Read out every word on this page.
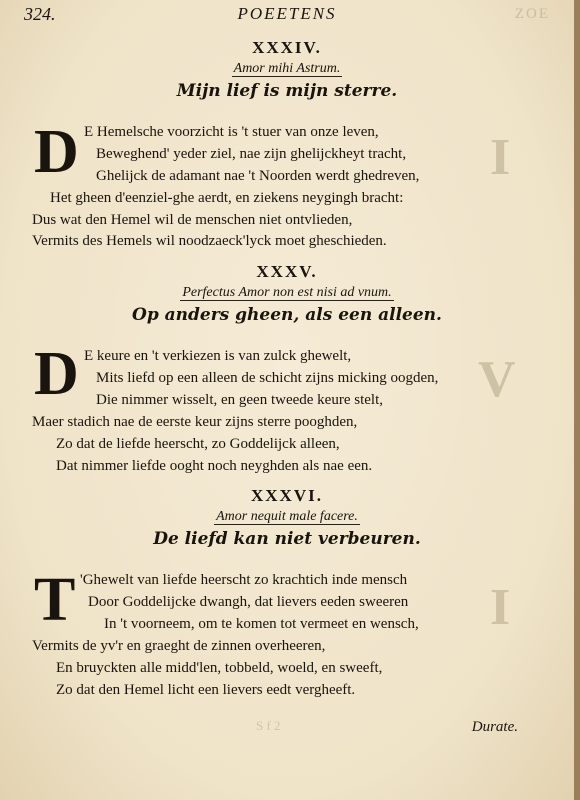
324.	POEETENS	ZOE
I
V
I
XXXIV.
Amor mihi Astrum.
Mijn lief is mijn sterre.
D E Hemelsche voorzicht is 't stuer van onze leven,
Beweghend' yeder ziel, nae zijn ghelijckheyt tracht,
Ghelijck de adamant nae 't Noorden werdt ghedreven,
Het gheen d'eenziel-ghe aerdt, en ziekens neygingh bracht:
Dus wat den Hemel wil de menschen niet ontvlieden,
Vermits des Hemels wil noodzaeck'lyck moet gheschieden.
XXXV.
Perfectus Amor non est nisi ad vnum.
Op anders gheen, als een alleen.
D E keure en 't verkiezen is van zulck ghewelt,
Mits liefd op een alleen de schicht zijns micking oogden,
Die nimmer wisselt, en geen tweede keure stelt,
Maer stadich nae de eerste keur zijns sterre pooghden,
Zo dat de liefde heerscht, zo Goddelijck alleen,
Dat nimmer liefde ooght noch neyghden als nae een.
XXXVI.
Amor nequit male facere.
De liefd kan niet verbeuren.
T 'Ghewelt van liefde heerscht zo krachtich inde mensch
Door Goddelijcke dwangh, dat lievers eeden sweeren
In 't voorneem, om te komen tot vermeet en wensch,
Vermits de yv'r en graeght de zinnen overheeren,
En bruyckten alle midd'len, tobbeld, woeld, en sweeft,
Zo dat den Hemel licht een lievers eedt vergheeft.
S f 2	Durate.
